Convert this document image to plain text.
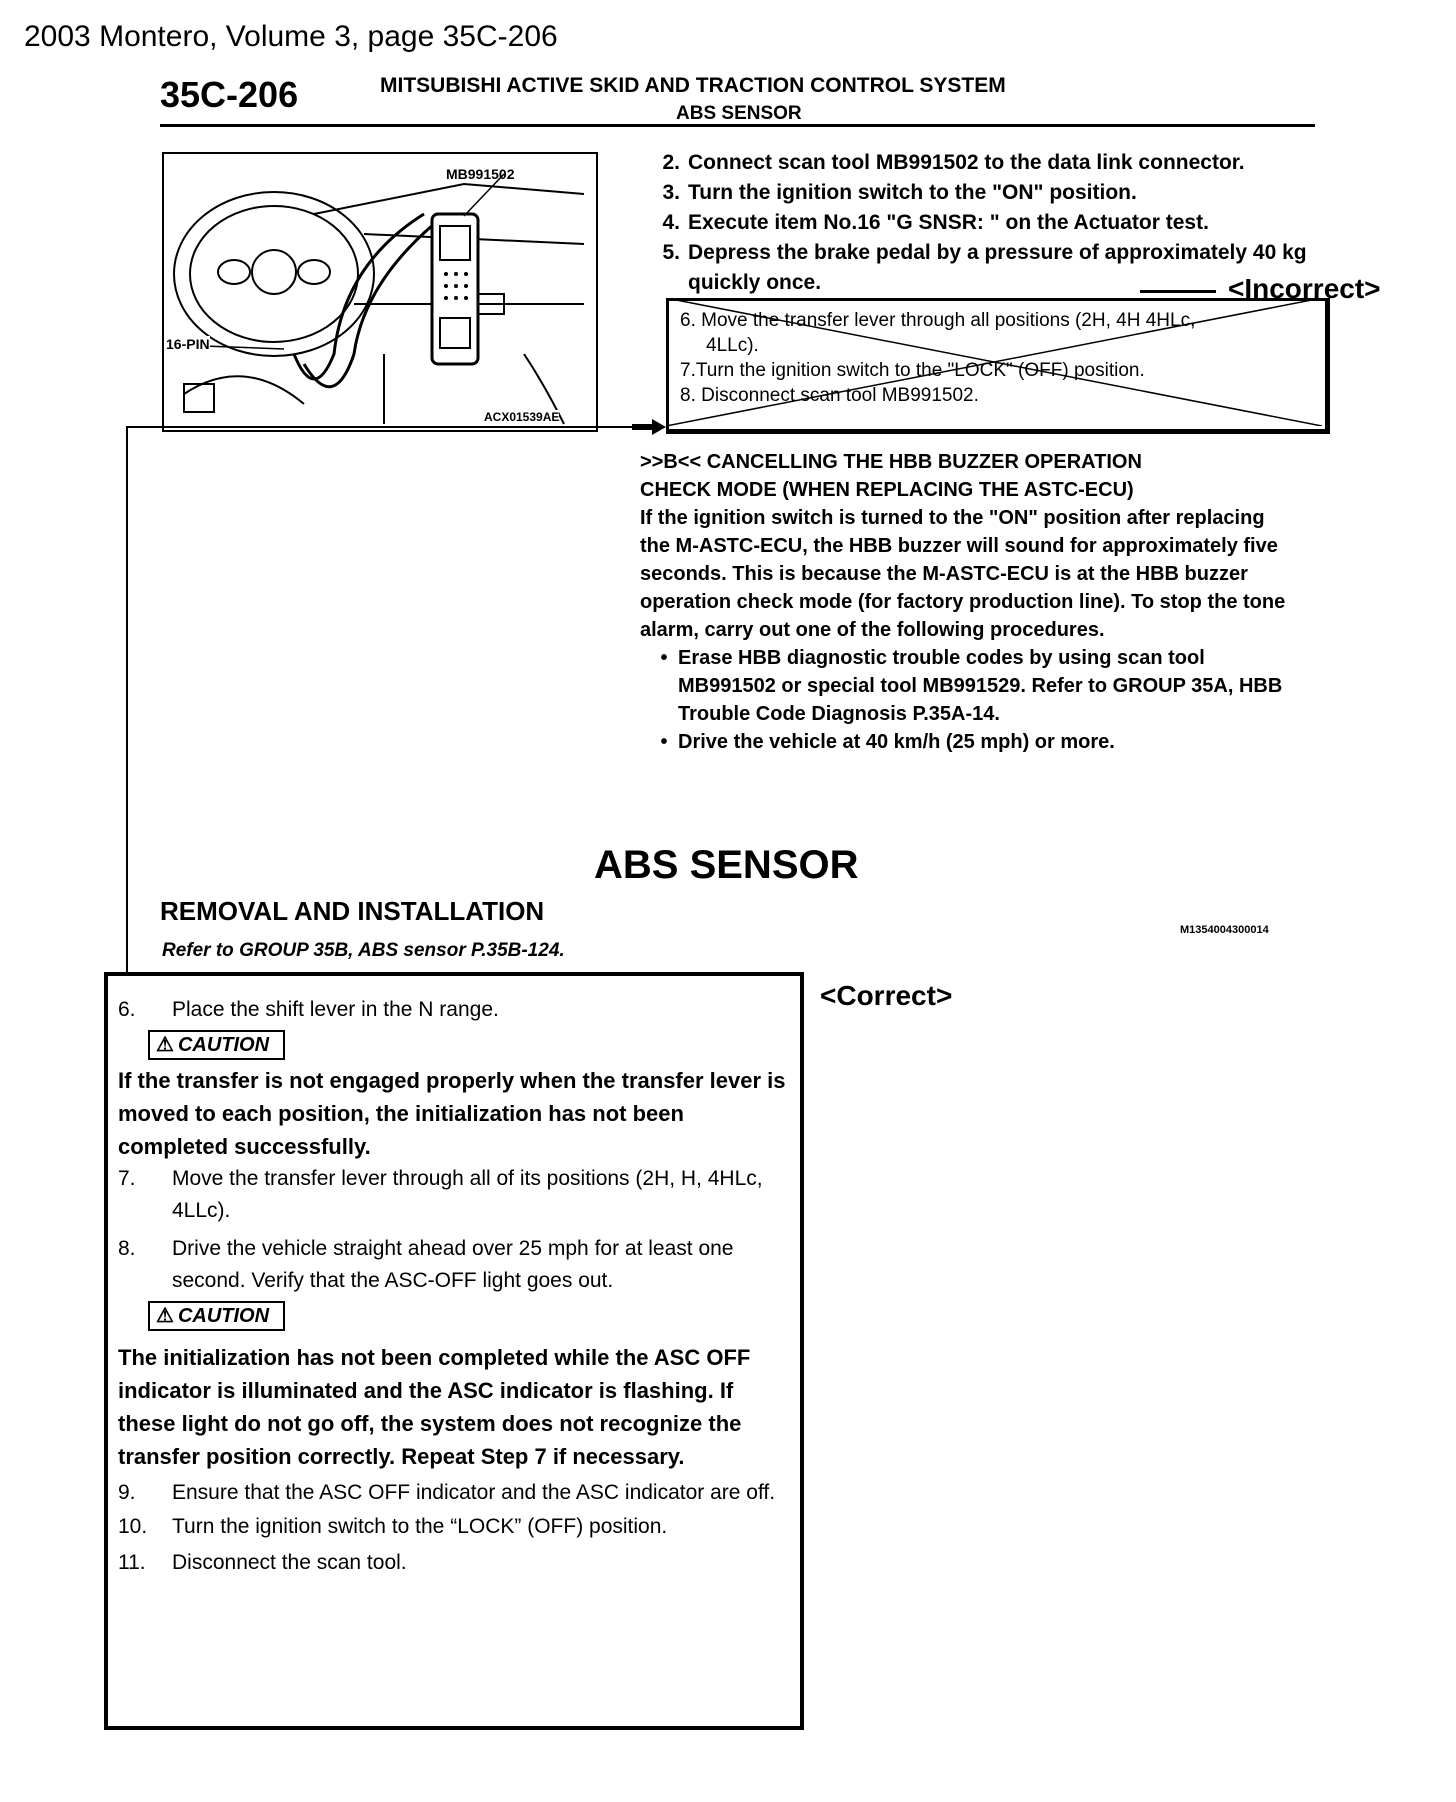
2003 Montero, Volume 3, page 35C-206
35C-206	MITSUBISHI ACTIVE SKID AND TRACTION CONTROL SYSTEM
ABS SENSOR
MB991502
16-PIN
ACX01539AE
2. Connect scan tool MB991502 to the data link connector.
3. Turn the ignition switch to the "ON" position.
4. Execute item No.16 "G SNSR: " on the Actuator test.
5. Depress the brake pedal by a pressure of approximately 40 kg quickly once.	<Incorrect>
6. Move the transfer lever through all positions (2H, 4H 4HLc,
4LLc).
7.Turn the ignition switch to the "LOCK" (OFF) position.
8. Disconnect scan tool MB991502.
>>B<< CANCELLING THE HBB BUZZER OPERATION
CHECK MODE (WHEN REPLACING THE ASTC-ECU)
If the ignition switch is turned to the "ON" position after replacing the M-ASTC-ECU, the HBB buzzer will sound for approximately five seconds. This is because the M-ASTC-ECU is at the HBB buzzer operation check mode (for factory production line). To stop the tone alarm, carry out one of the following procedures.
• Erase HBB diagnostic trouble codes by using scan tool MB991502 or special tool MB991529. Refer to GROUP 35A, HBB Trouble Code Diagnosis P.35A-14.
• Drive the vehicle at 40 km/h (25 mph) or more.
ABS SENSOR
REMOVAL AND INSTALLATION
M1354004300014
Refer to GROUP 35B, ABS sensor P.35B-124.
<Correct>
6.	Place the shift lever in the N range.
⚠ CAUTION
If the transfer is not engaged properly when the transfer lever is moved to each position, the initialization has not been completed successfully.
7.	Move the transfer lever through all of its positions (2H, H, 4HLc, 4LLc).
8.	Drive the vehicle straight ahead over 25 mph for at least one second. Verify that the ASC-OFF light goes out.
⚠ CAUTION
The initialization has not been completed while the ASC OFF indicator is illuminated and the ASC indicator is flashing. If these light do not go off, the system does not recognize the transfer position correctly. Repeat Step 7 if necessary.
9.	Ensure that the ASC OFF indicator and the ASC indicator are off.
10.	Turn the ignition switch to the “LOCK” (OFF) position.
11.	Disconnect the scan tool.
